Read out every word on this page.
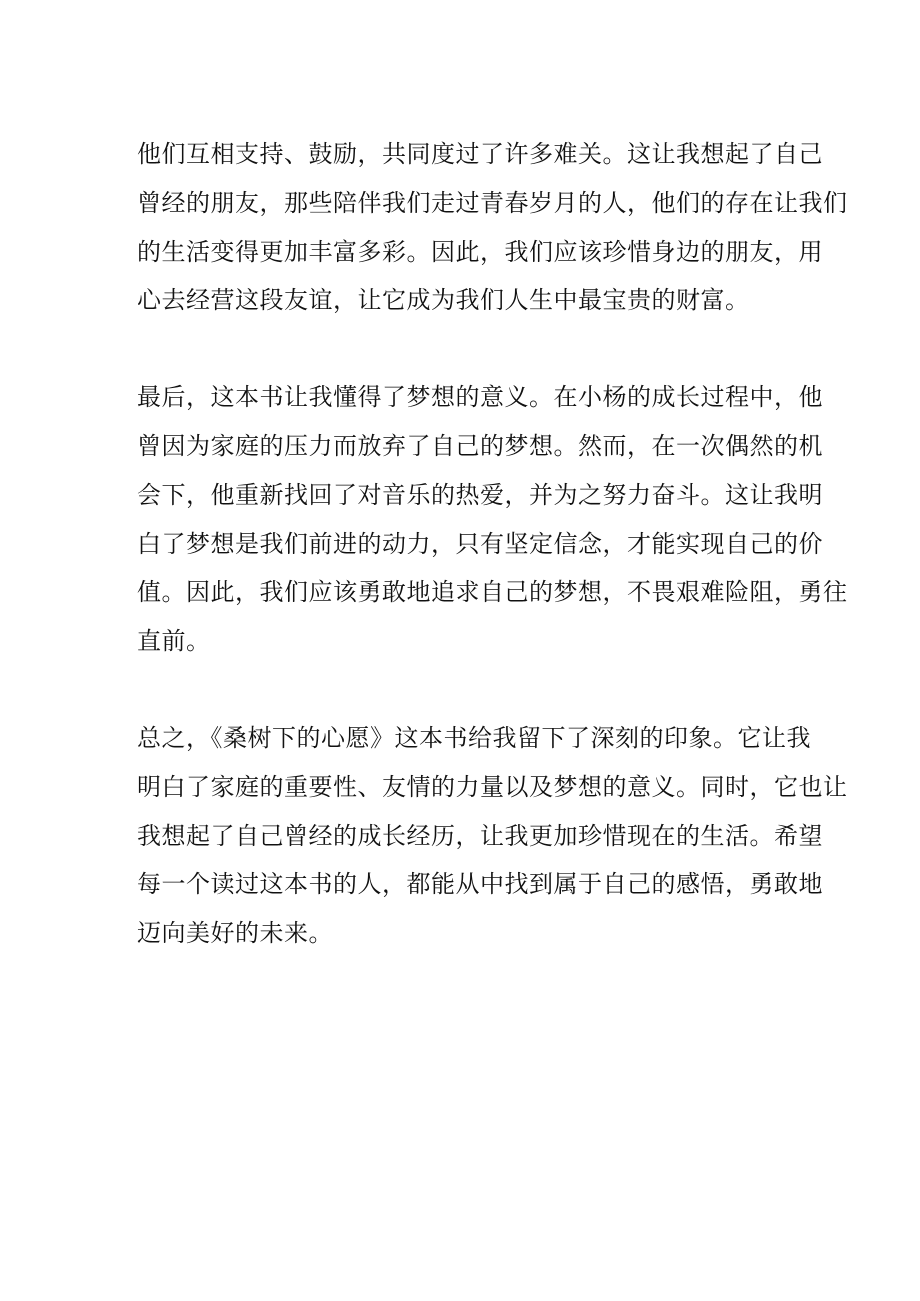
他们互相支持、鼓励，共同度过了许多难关。这让我想起了自己
曾经的朋友，那些陪伴我们走过青春岁月的人，他们的存在让我们
的生活变得更加丰富多彩。因此，我们应该珍惜身边的朋友，用
心去经营这段友谊，让它成为我们人生中最宝贵的财富。
最后，这本书让我懂得了梦想的意义。在小杨的成长过程中，他
曾因为家庭的压力而放弃了自己的梦想。然而，在一次偶然的机
会下，他重新找回了对音乐的热爱，并为之努力奋斗。这让我明
白了梦想是我们前进的动力，只有坚定信念，才能实现自己的价
值。因此，我们应该勇敢地追求自己的梦想，不畏艰难险阻，勇往
直前。
总之，《桑树下的心愿》这本书给我留下了深刻的印象。它让我
明白了家庭的重要性、友情的力量以及梦想的意义。同时，它也让
我想起了自己曾经的成长经历，让我更加珍惜现在的生活。希望
每一个读过这本书的人，都能从中找到属于自己的感悟，勇敢地
迈向美好的未来。
